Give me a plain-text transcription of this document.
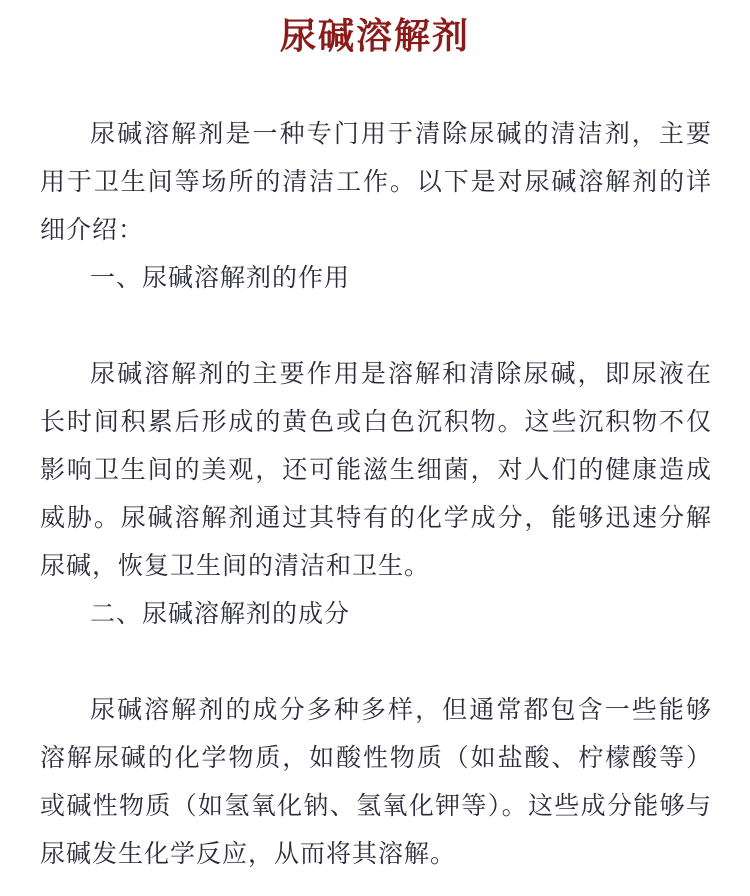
尿碱溶解剂

尿碱溶解剂是一种专门用于清除尿碱的清洁剂，主要用于卫生间等场所的清洁工作。以下是对尿碱溶解剂的详细介绍：

一、尿碱溶解剂的作用

尿碱溶解剂的主要作用是溶解和清除尿碱，即尿液在长时间积累后形成的黄色或白色沉积物。这些沉积物不仅影响卫生间的美观，还可能滋生细菌，对人们的健康造成威胁。尿碱溶解剂通过其特有的化学成分，能够迅速分解尿碱，恢复卫生间的清洁和卫生。

二、尿碱溶解剂的成分

尿碱溶解剂的成分多种多样，但通常都包含一些能够溶解尿碱的化学物质，如酸性物质（如盐酸、柠檬酸等）或碱性物质（如氢氧化钠、氢氧化钾等）。这些成分能够与尿碱发生化学反应，从而将其溶解。
